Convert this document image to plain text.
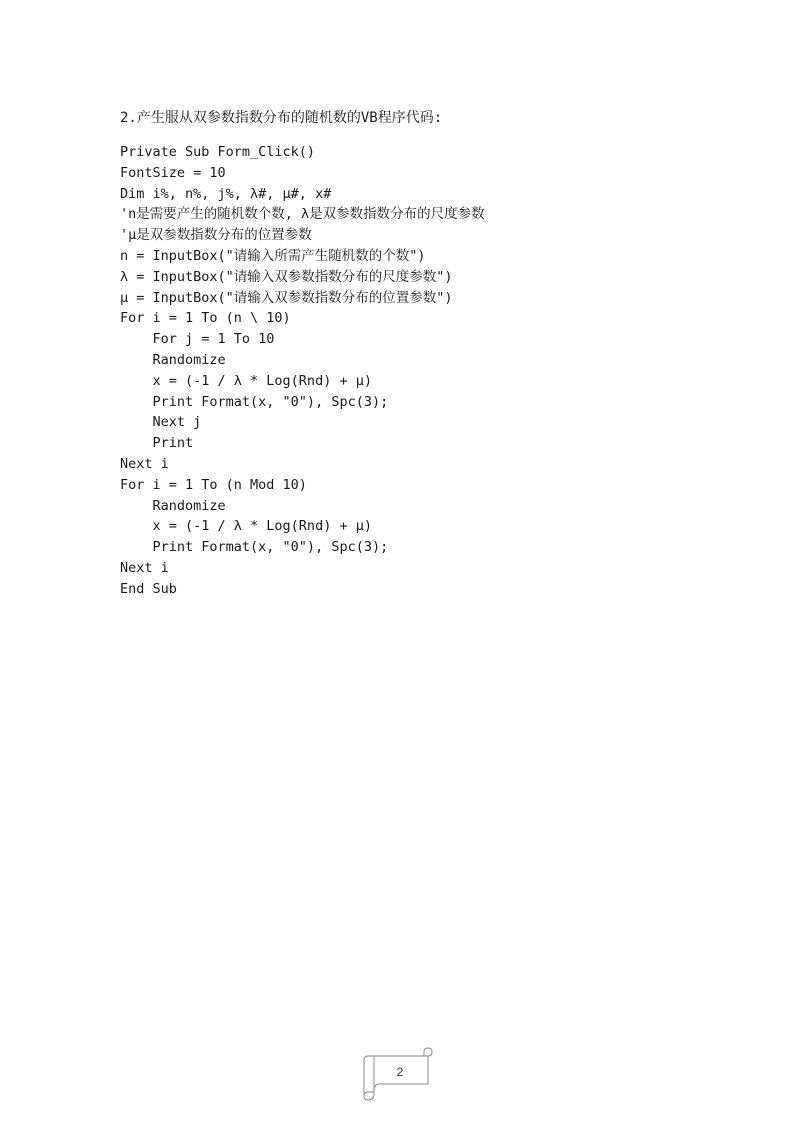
2.产生服从双参数指数分布的随机数的VB程序代码:
Private Sub Form_Click()
FontSize = 10
Dim i%, n%, j%, λ#, μ#, x#
'n是需要产生的随机数个数, λ是双参数指数分布的尺度参数
'μ是双参数指数分布的位置参数
n = InputBox("请输入所需产生随机数的个数")
λ = InputBox("请输入双参数指数分布的尺度参数")
μ = InputBox("请输入双参数指数分布的位置参数")
For i = 1 To (n \ 10)
For j = 1 To 10
Randomize
x = (-1 / λ * Log(Rnd) + μ)
Print Format(x, "0"), Spc(3);
Next j
Print
Next i
For i = 1 To (n Mod 10)
Randomize
x = (-1 / λ * Log(Rnd) + μ)
Print Format(x, "0"), Spc(3);
Next i
End Sub
2
